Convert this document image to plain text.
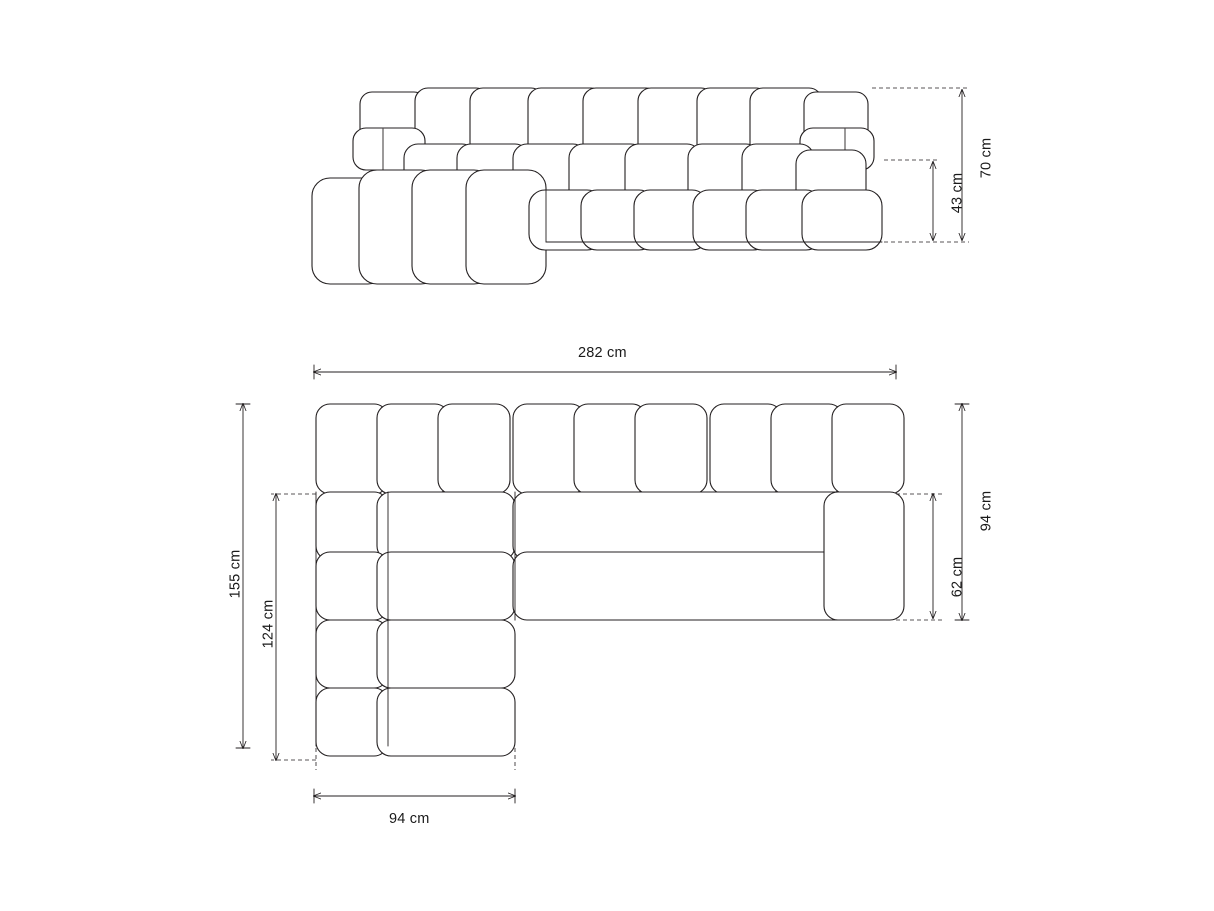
70 cm
43 cm
282 cm
155 cm
124 cm
94 cm
62 cm
94 cm
